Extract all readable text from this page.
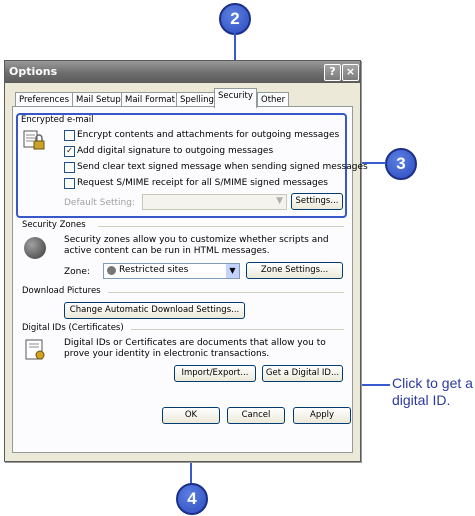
2
3
Click to get a digital ID.
4
Options	? ×
Preferences Mail Setup Mail Format Spelling Security Other
Encrypted e-mail
Encrypt contents and attachments for outgoing messages
✓ Add digital signature to outgoing messages
Send clear text signed message when sending signed messages
Request S/MIME receipt for all S/MIME signed messages
Default Setting:	▼	Settings...
Security Zones
Security zones allow you to customize whether scripts and active content can be run in HTML messages.
Zone:	Restricted sites	▼	Zone Settings...
Download Pictures
Change Automatic Download Settings...
Digital IDs (Certificates)
Digital IDs or Certificates are documents that allow you to prove your identity in electronic transactions.
Import/Export...	Get a Digital ID...
OK	Cancel	Apply
